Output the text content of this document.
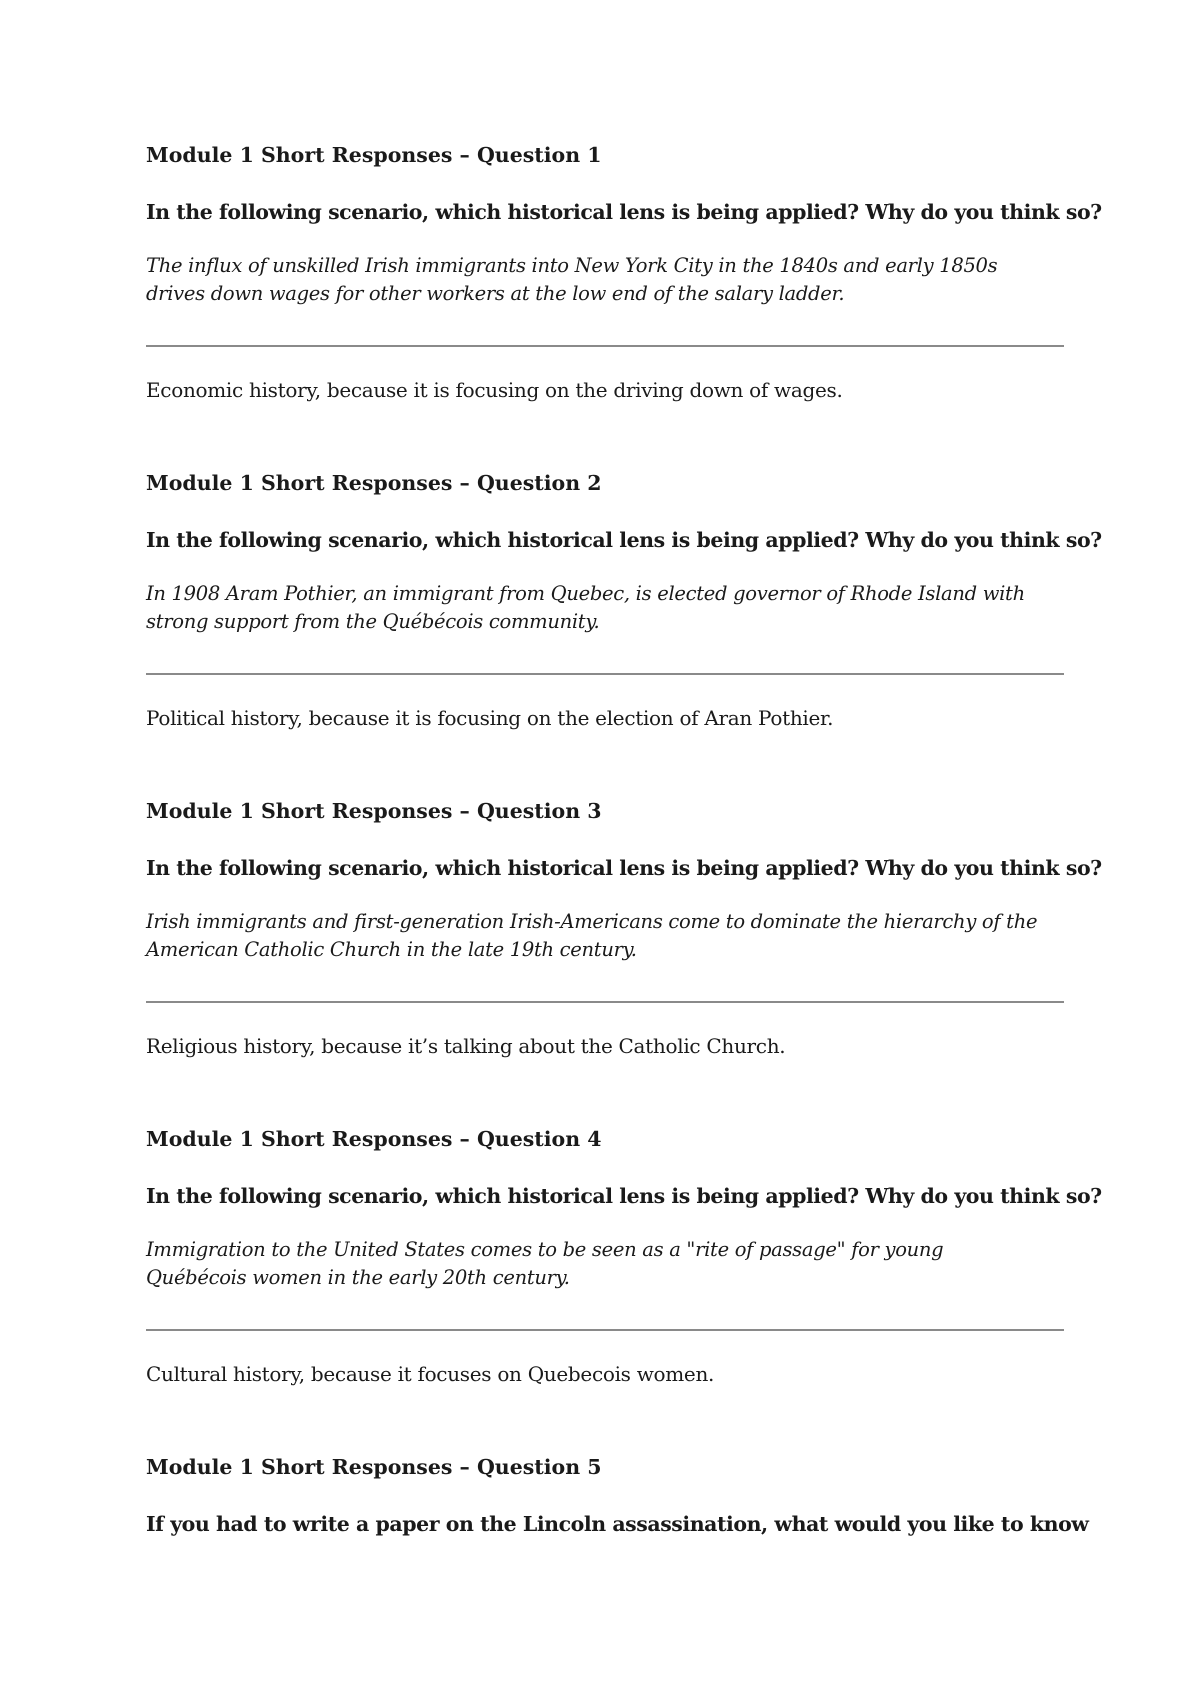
Module 1 Short Responses – Question 1

In the following scenario, which historical lens is being applied? Why do you think so?

The influx of unskilled Irish immigrants into New York City in the 1840s and early 1850s
drives down wages for other workers at the low end of the salary ladder.

Economic history, because it is focusing on the driving down of wages.

Module 1 Short Responses – Question 2

In the following scenario, which historical lens is being applied? Why do you think so?

In 1908 Aram Pothier, an immigrant from Quebec, is elected governor of Rhode Island with
strong support from the Québécois community.

Political history, because it is focusing on the election of Aran Pothier.

Module 1 Short Responses – Question 3

In the following scenario, which historical lens is being applied? Why do you think so?

Irish immigrants and first-generation Irish-Americans come to dominate the hierarchy of the
American Catholic Church in the late 19th century.

Religious history, because it’s talking about the Catholic Church.

Module 1 Short Responses – Question 4

In the following scenario, which historical lens is being applied? Why do you think so?

Immigration to the United States comes to be seen as a "rite of passage" for young
Québécois women in the early 20th century.

Cultural history, because it focuses on Quebecois women.

Module 1 Short Responses – Question 5

If you had to write a paper on the Lincoln assassination, what would you like to know
